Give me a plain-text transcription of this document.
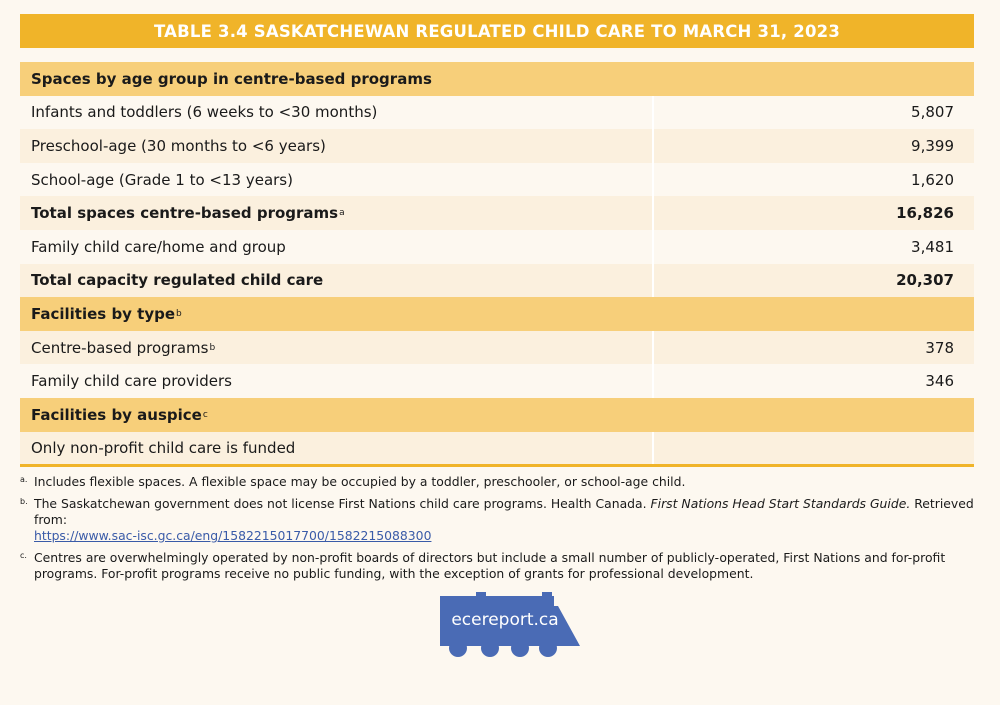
TABLE 3.4 SASKATCHEWAN REGULATED CHILD CARE TO MARCH 31, 2023
Spaces by age group in centre-based programs
Infants and toddlers (6 weeks to <30 months)	5,807
Preschool-age (30 months to <6 years)	9,399
School-age (Grade 1 to <13 years)	1,620
Total spaces centre-based programs a	16,826
Family child care/home and group	3,481
Total capacity regulated child care	20,307
Facilities by type b
Centre-based programs b	378
Family child care providers	346
Facilities by auspice c
Only non-profit child care is funded
a. Includes flexible spaces. A flexible space may be occupied by a toddler, preschooler, or school-age child.
b. The Saskatchewan government does not license First Nations child care programs. Health Canada. First Nations Head Start Standards Guide. Retrieved from:
https://www.sac-isc.gc.ca/eng/1582215017700/1582215088300
c. Centres are overwhelmingly operated by non-profit boards of directors but include a small number of publicly-operated, First Nations and for-profit programs. For-profit programs receive no public funding, with the exception of grants for professional development.
ecereport.ca
